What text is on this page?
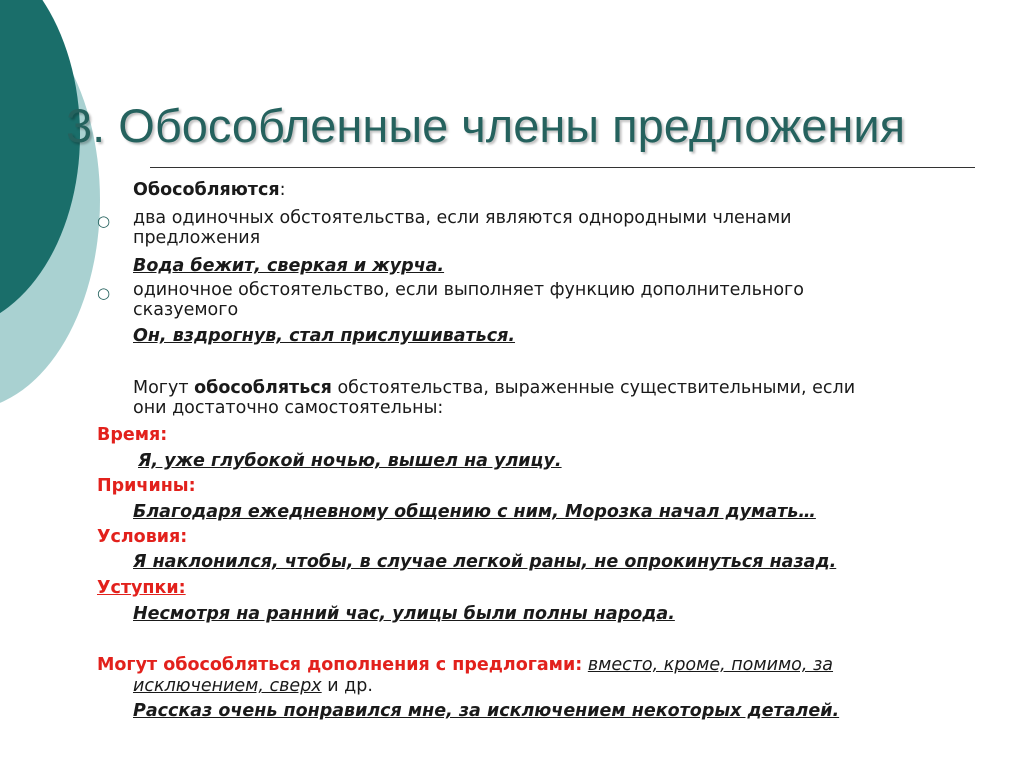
3. Обособленные члены предложения
Обособляются:
○ два одиночных обстоятельства, если являются однородными членами
предложения
Вода бежит, сверкая и журча.
○ одиночное обстоятельство, если выполняет функцию дополнительного
сказуемого
Он, вздрогнув, стал прислушиваться.
Могут обособляться обстоятельства, выраженные существительными, если
они достаточно самостоятельны:
Время:
Я, уже глубокой ночью, вышел на улицу.
Причины:
Благодаря ежедневному общению с ним, Морозка начал думать…
Условия:
Я наклонился, чтобы, в случае легкой раны, не опрокинуться назад.
Уступки:
Несмотря на ранний час, улицы были полны народа.
Могут обособляться дополнения с предлогами: вместо, кроме, помимо, за
исключением, сверх и др.
Рассказ очень понравился мне, за исключением некоторых деталей.
